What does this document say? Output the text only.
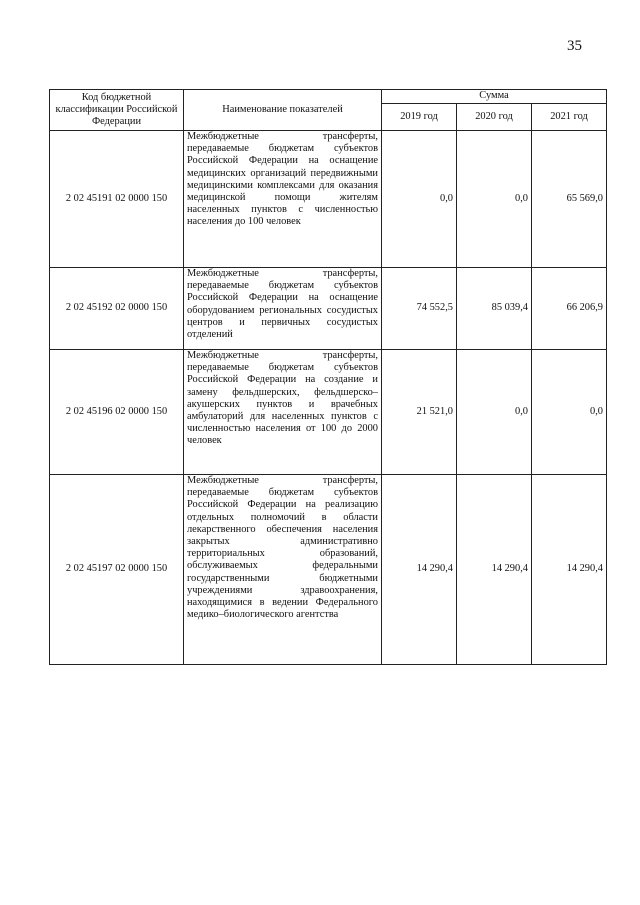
35
Код бюджетной классификации Российской Федерации	Наименование показателей	Сумма		
		2019 год	2020 год	2021 год
2 02 45191 02 0000 150	Межбюджетные трансферты, передаваемые бюджетам субъектов Российской Федерации на оснащение медицинских организаций передвижными медицинскими комплексами для оказания медицинской помощи жителям населенных пунктов с численностью населения до 100 человек	0,0	0,0	65 569,0
2 02 45192 02 0000 150	Межбюджетные трансферты, передаваемые бюджетам субъектов Российской Федерации на оснащение оборудованием региональных сосудистых центров и первичных сосудистых отделений	74 552,5	85 039,4	66 206,9
2 02 45196 02 0000 150	Межбюджетные трансферты, передаваемые бюджетам субъектов Российской Федерации на создание и замену фельдшерских, фельдшерско–акушерских пунктов и врачебных амбулаторий для населенных пунктов с численностью населения от 100 до 2000 человек	21 521,0	0,0	0,0
2 02 45197 02 0000 150	Межбюджетные трансферты, передаваемые бюджетам субъектов Российской Федерации на реализацию отдельных полномочий в области лекарственного обеспечения населения закрытых административно территориальных образований, обслуживаемых федеральными государственными бюджетными учреждениями здравоохранения, находящимися в ведении Федерального медико–биологического агентства	14 290,4	14 290,4	14 290,4
